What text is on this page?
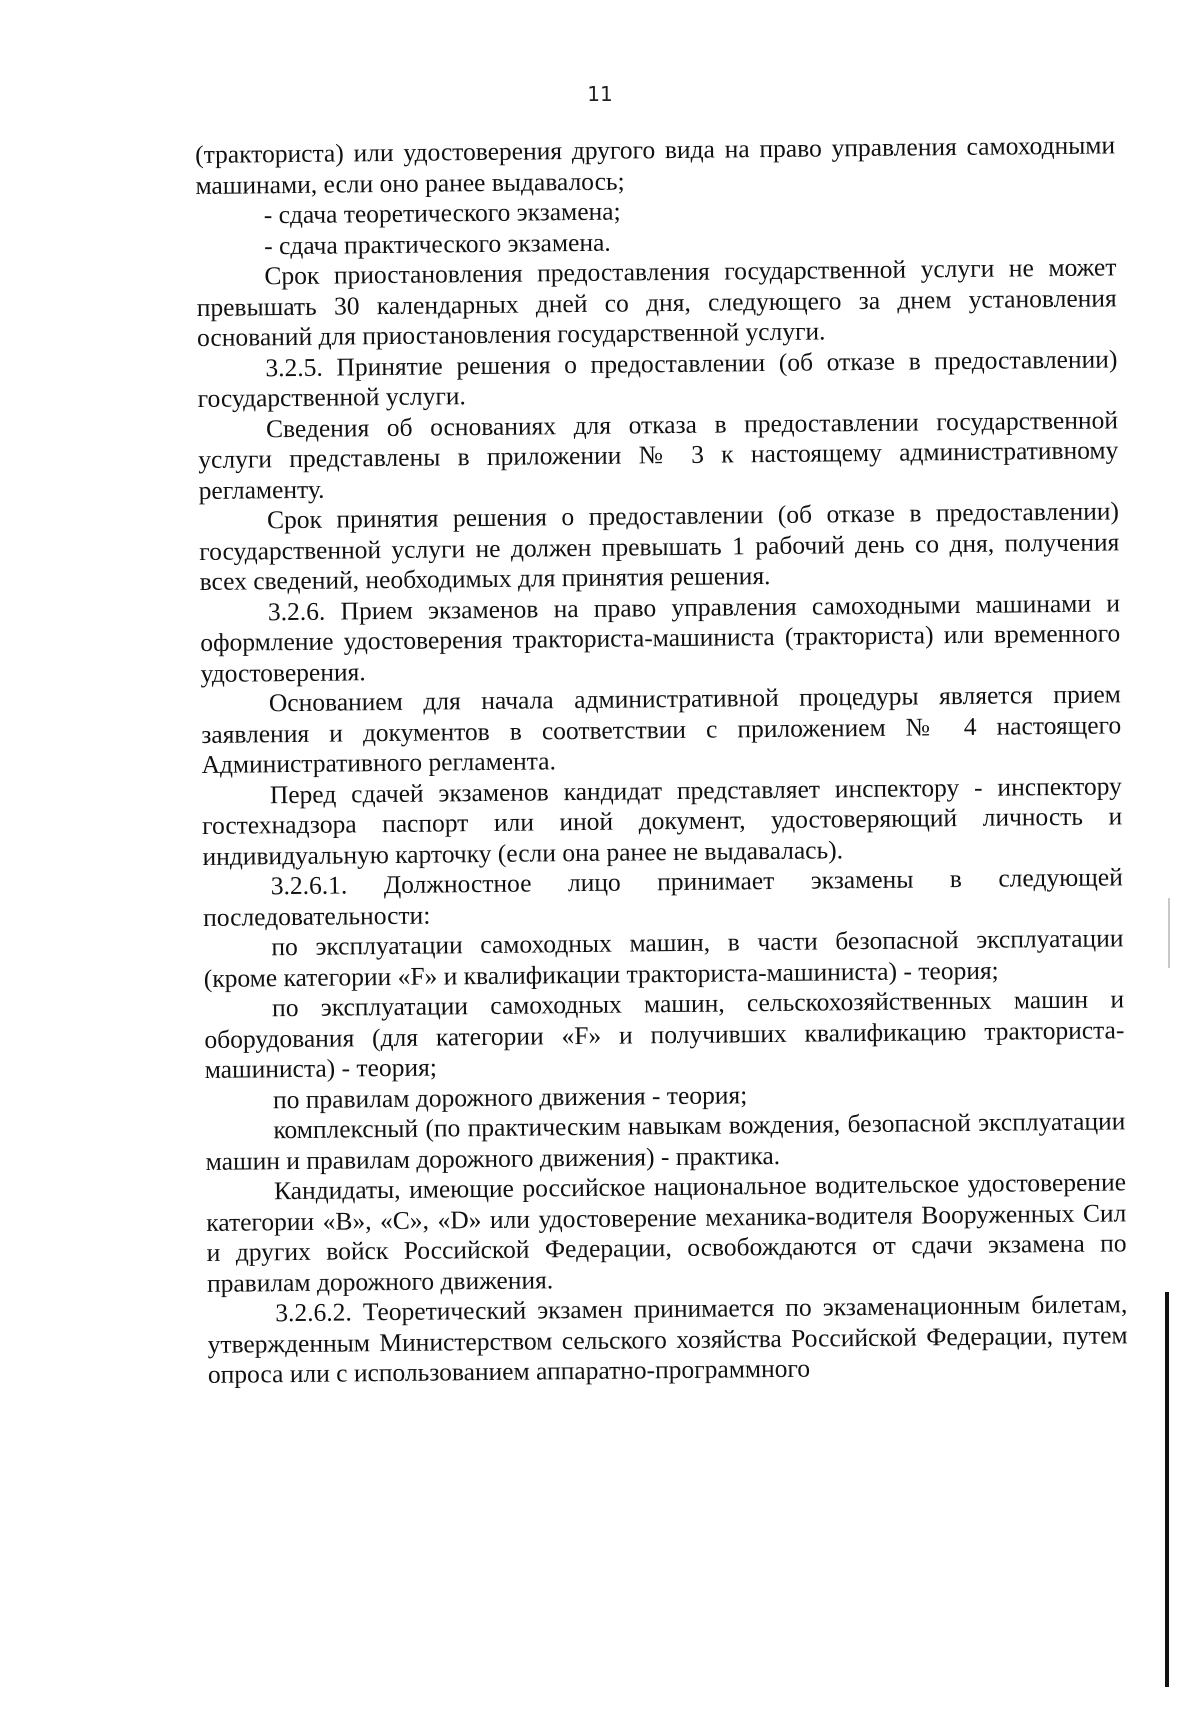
11

(тракториста) или удостоверения другого вида на право управления самоходными машинами, если оно ранее выдавалось;

- сдача теоретического экзамена;

- сдача практического экзамена.

Срок приостановления предоставления государственной услуги не может превышать 30 календарных дней со дня, следующего за днем установления оснований для приостановления государственной услуги.

3.2.5. Принятие решения о предоставлении (об отказе в предоставлении) государственной услуги.

Сведения об основаниях для отказа в предоставлении государственной услуги представлены в приложении № 3 к настоящему административному регламенту.

Срок принятия решения о предоставлении (об отказе в предоставлении) государственной услуги не должен превышать 1 рабочий день со дня, получения всех сведений, необходимых для принятия решения.

3.2.6. Прием экзаменов на право управления самоходными машинами и оформление удостоверения тракториста-машиниста (тракториста) или временного удостоверения.

Основанием для начала административной процедуры является прием заявления и документов в соответствии с приложением № 4 настоящего Административного регламента.

Перед сдачей экзаменов кандидат представляет инспектору - инспектору гостехнадзора паспорт или иной документ, удостоверяющий личность и индивидуальную карточку (если она ранее не выдавалась).

3.2.6.1. Должностное лицо принимает экзамены в следующей последовательности:

по эксплуатации самоходных машин, в части безопасной эксплуатации (кроме категории «F» и квалификации тракториста-машиниста) - теория;

по эксплуатации самоходных машин, сельскохозяйственных машин и оборудования (для категории «F» и получивших квалификацию тракториста-машиниста) - теория;

по правилам дорожного движения - теория;

комплексный (по практическим навыкам вождения, безопасной эксплуатации машин и правилам дорожного движения) - практика.

Кандидаты, имеющие российское национальное водительское удостоверение категории «В», «С», «D» или удостоверение механика-водителя Вооруженных Сил и других войск Российской Федерации, освобождаются от сдачи экзамена по правилам дорожного движения.

3.2.6.2. Теоретический экзамен принимается по экзаменационным билетам, утвержденным Министерством сельского хозяйства Российской Федерации, путем опроса или с использованием аппаратно-программного
